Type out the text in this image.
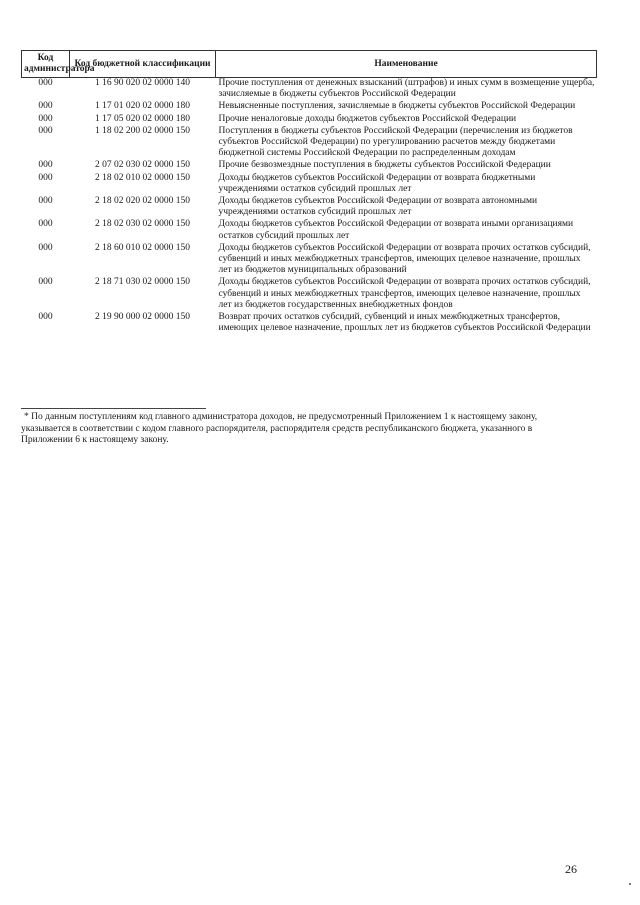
Код администратора	Код бюджетной классификации	Наименование
000	1 16 90 020 02 0000 140	Прочие поступления от денежных взысканий (штрафов) и иных сумм в возмещение ущерба, зачисляемые в бюджеты субъектов Российской Федерации
000	1 17 01 020 02 0000 180	Невыясненные поступления, зачисляемые в бюджеты субъектов Российской Федерации
000	1 17 05 020 02 0000 180	Прочие неналоговые доходы бюджетов субъектов Российской Федерации
000	1 18 02 200 02 0000 150	Поступления в бюджеты субъектов Российской Федерации (перечисления из бюджетов субъектов Российской Федерации) по урегулированию расчетов между бюджетами бюджетной системы Российской Федерации по распределенным доходам
000	2 07 02 030 02 0000 150	Прочие безвозмездные поступления в бюджеты субъектов Российской Федерации
000	2 18 02 010 02 0000 150	Доходы бюджетов субъектов Российской Федерации от возврата бюджетными учреждениями остатков субсидий прошлых лет
000	2 18 02 020 02 0000 150	Доходы бюджетов субъектов Российской Федерации от возврата автономными учреждениями остатков субсидий прошлых лет
000	2 18 02 030 02 0000 150	Доходы бюджетов субъектов Российской Федерации от возврата иными организациями остатков субсидий прошлых лет
000	2 18 60 010 02 0000 150	Доходы бюджетов субъектов Российской Федерации от возврата прочих остатков субсидий, субвенций и иных межбюджетных трансфертов, имеющих целевое назначение, прошлых лет из бюджетов муниципальных образований
000	2 18 71 030 02 0000 150	Доходы бюджетов субъектов Российской Федерации от возврата прочих остатков субсидий, субвенций и иных межбюджетных трансфертов, имеющих целевое назначение, прошлых лет из бюджетов государственных внебюджетных фондов
000	2 19 90 000 02 0000 150	Возврат прочих остатков субсидий, субвенций и иных межбюджетных трансфертов, имеющих целевое назначение, прошлых лет из бюджетов субъектов Российской Федерации
* По данным поступлениям код главного администратора доходов, не предусмотренный Приложением 1 к настоящему закону, указывается в соответствии с кодом главного распорядителя, распорядителя средств республиканского бюджета, указанного в Приложении 6 к настоящему закону.
26
